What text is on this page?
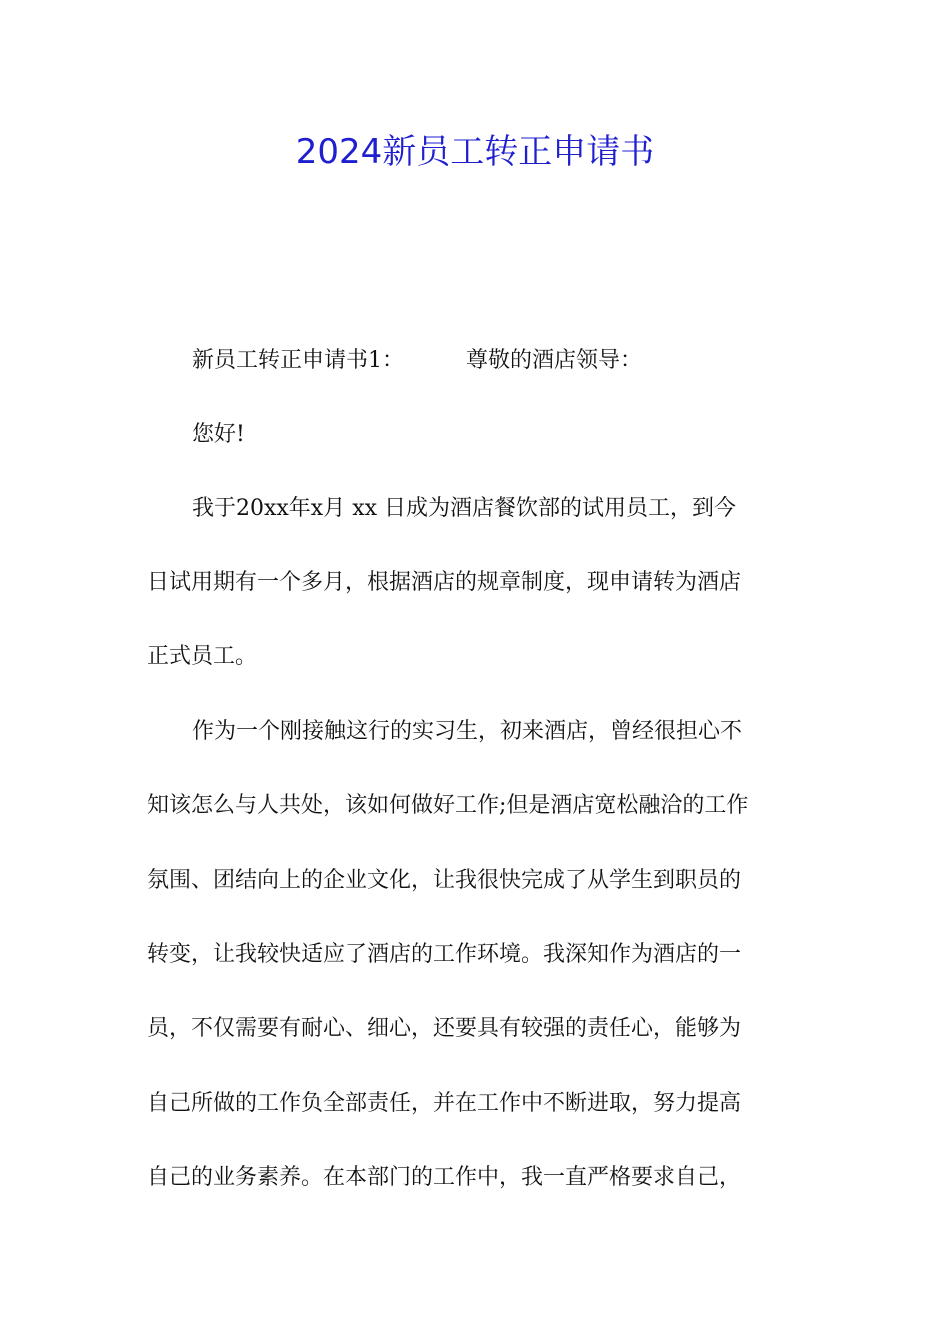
2024新员工转正申请书
新员工转正申请书1：	尊敬的酒店领导：
您好!
我于20xx年x月 xx 日成为酒店餐饮部的试用员工，到今
日试用期有一个多月，根据酒店的规章制度，现申请转为酒店
正式员工。
作为一个刚接触这行的实习生，初来酒店，曾经很担心不
知该怎么与人共处，该如何做好工作;但是酒店宽松融洽的工作
氛围、团结向上的企业文化，让我很快完成了从学生到职员的
转变，让我较快适应了酒店的工作环境。我深知作为酒店的一
员，不仅需要有耐心、细心，还要具有较强的责任心，能够为
自己所做的工作负全部责任，并在工作中不断进取，努力提高
自己的业务素养。在本部门的工作中，我一直严格要求自己，
